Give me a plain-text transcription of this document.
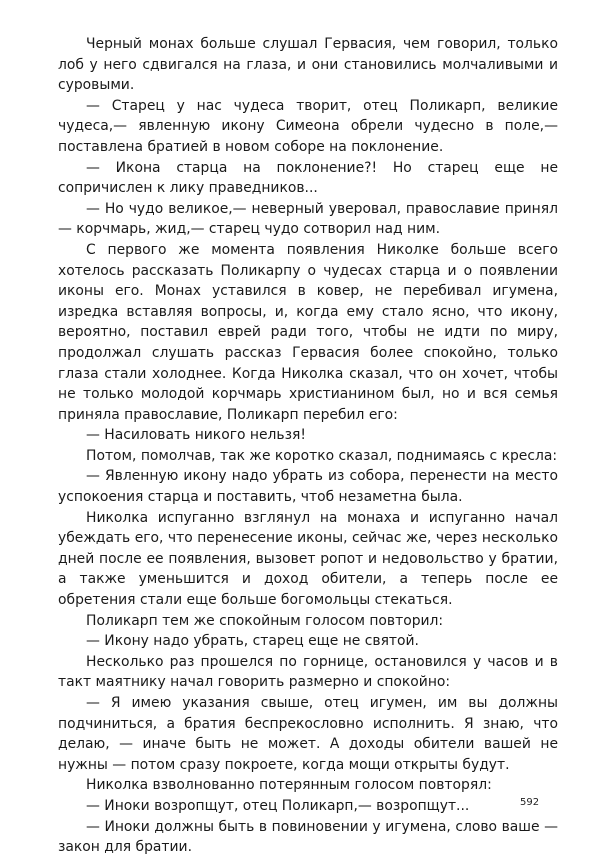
Черный монах больше слушал Гервасия, чем говорил, только лоб у него сдвигался на глаза, и они становились молчаливыми и суровыми.

— Старец у нас чудеса творит, отец Поликарп, великие чудеса,— явленную икону Симеона обрели чудесно в поле,— поставлена братией в новом соборе на поклонение.

— Икона старца на поклонение?! Но старец еще не сопричислен к лику праведников...

— Но чудо великое,— неверный уверовал, православие принял — корчмарь, жид,— старец чудо сотворил над ним.

С первого же момента появления Николке больше всего хотелось рассказать Поликарпу о чудесах старца и о появлении иконы его. Монах уставился в ковер, не перебивал игумена, изредка вставляя вопросы, и, когда ему стало ясно, что икону, вероятно, поставил еврей ради того, чтобы не идти по миру, продолжал слушать рассказ Гервасия более спокойно, только глаза стали холоднее. Когда Николка сказал, что он хочет, чтобы не только молодой корчмарь христианином был, но и вся семья приняла православие, Поликарп перебил его:

— Насиловать никого нельзя!

Потом, помолчав, так же коротко сказал, поднимаясь с кресла:

— Явленную икону надо убрать из собора, перенести на место успокоения старца и поставить, чтоб незаметна была.

Николка испуганно взглянул на монаха и испуганно начал убеждать его, что перенесение иконы, сейчас же, через несколько дней после ее появления, вызовет ропот и недовольство у братии, а также уменьшится и доход обители, а теперь после ее обретения стали еще больше богомольцы стекаться.

Поликарп тем же спокойным голосом повторил:

— Икону надо убрать, старец еще не святой.

Несколько раз прошелся по горнице, остановился у часов и в такт маятнику начал говорить размерно и спокойно:

— Я имею указания свыше, отец игумен, им вы должны подчиниться, а братия беспрекословно исполнить. Я знаю, что делаю, — иначе быть не может. А доходы обители вашей не нужны — потом сразу покроете, когда мощи открыты будут.

Николка взволнованно потерянным голосом повторял:

— Иноки возропщут, отец Поликарп,— возропщут...

— Иноки должны быть в повиновении у игумена, слово ваше — закон для братии.

592
